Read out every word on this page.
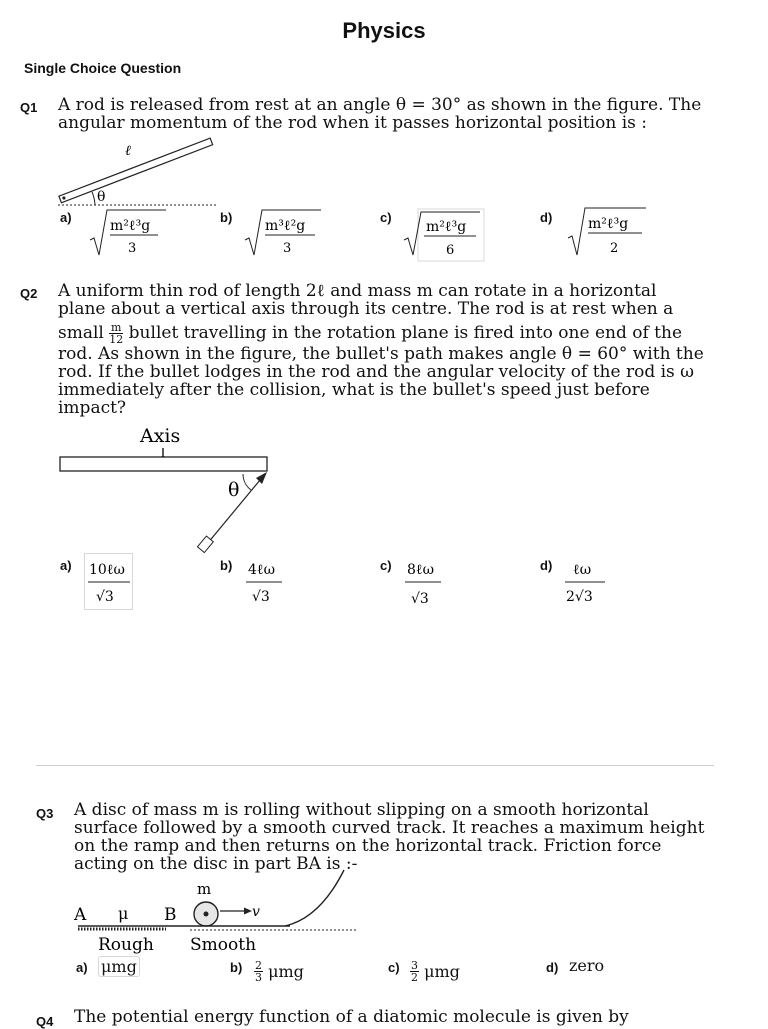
Physics
Single Choice Question
Q1 A rod is released from rest at an angle θ = 30° as shown in the figure. The
angular momentum of the rod when it passes horizontal position is :
θ
ℓ
a)	b)	c)	d)
m²ℓ³g
3
m³ℓ²g
3
m²ℓ³g
6
m²ℓ³g
2
Q2 A uniform thin rod of length 2ℓ and mass m can rotate in a horizontal
plane about a vertical axis through its centre. The rod is at rest when a
small $\frac{m}{12}$ bullet travelling in the rotation plane is fired into one end of the
rod. As shown in the figure, the bullet's path makes angle θ = 60° with the
rod. If the bullet lodges in the rod and the angular velocity of the rod is ω
immediately after the collision, what is the bullet's speed just before
impact?
Axis
θ
a)	b)	c)	d)
10ℓω
√3
4ℓω
√3
8ℓω
√3
ℓω
2√3
Q3 A disc of mass m is rolling without slipping on a smooth horizontal
surface followed by a smooth curved track. It reaches a maximum height
on the ramp and then returns on the horizontal track. Friction force
acting on the disc in part BA is :-
m
A μ B	v
Rough Smooth
a) μmg	$b) \frac{2}{3}$ μmg	$c) \frac{3}{2}$ μmg	d) zero
Q4 The potential energy function of a diatomic molecule is given by
